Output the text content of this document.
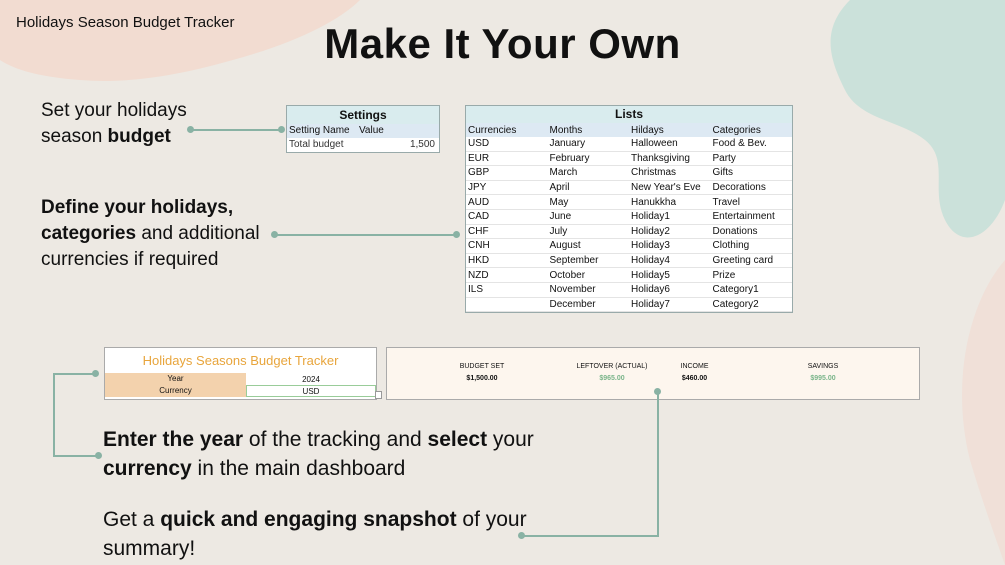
Holidays Season Budget Tracker	Make It Your Own
Set your holidays season budget
Define your holidays,
categories and additional
currencies if required
Settings
Setting Name Value
Total budget	1,500
Lists
Currencies	Months	Hildays	Categories
USD	January	Halloween	Food & Bev.
EUR	February	Thanksgiving	Party
GBP	March	Christmas	Gifts
JPY	April	New Year's Eve	Decorations
AUD	May	Hanukkha	Travel
CAD	June	Holiday1	Entertainment
CHF	July	Holiday2	Donations
CNH	August	Holiday3	Clothing
HKD	September	Holiday4	Greeting card
NZD	October	Holiday5	Prize
ILS	November	Holiday6	Category1
	December	Holiday7	Category2
Holidays Seasons Budget Tracker
Year	2024
Currency	USD
BUDGET SET
$1,500.00
LEFTOVER (ACTUAL)
$965.00
INCOME
$460.00
SAVINGS
$995.00
Enter the year of the tracking and select your
currency in the main dashboard
Get a quick and engaging snapshot of your
summary!
